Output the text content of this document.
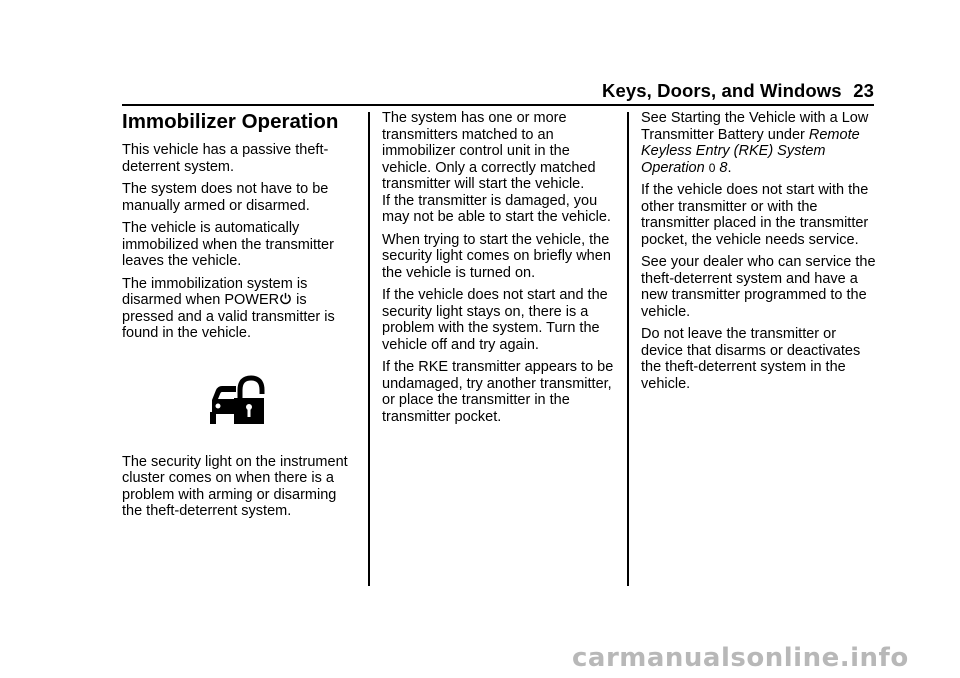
Keys, Doors, and Windows 23
Immobilizer Operation

This vehicle has a passive theft-deterrent system.

The system does not have to be manually armed or disarmed.

The vehicle is automatically immobilized when the transmitter leaves the vehicle.

The immobilization system is disarmed when POWER is pressed and a valid transmitter is found in the vehicle.

The security light on the instrument cluster comes on when there is a problem with arming or disarming the theft-deterrent system.

The system has one or more transmitters matched to an immobilizer control unit in the vehicle. Only a correctly matched transmitter will start the vehicle.
If the transmitter is damaged, you may not be able to start the vehicle.

When trying to start the vehicle, the security light comes on briefly when the vehicle is turned on.

If the vehicle does not start and the security light stays on, there is a problem with the system. Turn the vehicle off and try again.

If the RKE transmitter appears to be undamaged, try another transmitter, or place the transmitter in the transmitter pocket.

See Starting the Vehicle with a Low Transmitter Battery under Remote Keyless Entry (RKE) System Operation 0 8.

If the vehicle does not start with the other transmitter or with the transmitter placed in the transmitter pocket, the vehicle needs service.

See your dealer who can service the theft-deterrent system and have a new transmitter programmed to the vehicle.

Do not leave the transmitter or device that disarms or deactivates the theft-deterrent system in the vehicle.

carmanualsonline.info
